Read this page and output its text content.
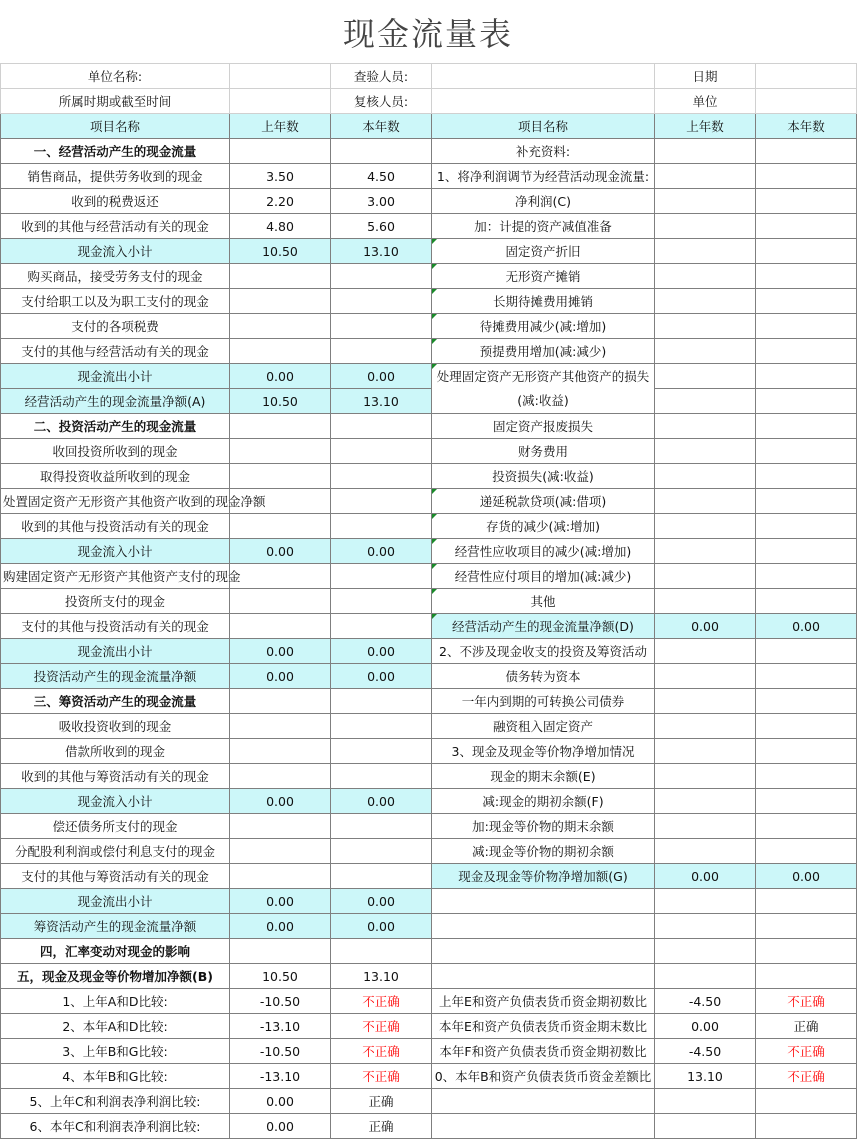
现金流量表
单位名称:		查验人员:		日期	
所属时期或截至时间		复核人员:		单位	
项目名称	上年数	本年数	项目名称	上年数	本年数
一、经营活动产生的现金流量			补充资料:		
销售商品，提供劳务收到的现金	3.50	4.50	1、将净利润调节为经营活动现金流量:		
收到的税费返还	2.20	3.00	净利润(C)		
收到的其他与经营活动有关的现金	4.80	5.60	加：计提的资产减值准备		
现金流入小计	10.50	13.10	固定资产折旧		
购买商品，接受劳务支付的现金			无形资产摊销		
支付给职工以及为职工支付的现金			长期待摊费用摊销		
支付的各项税费			待摊费用减少(减:增加)		
支付的其他与经营活动有关的现金			预提费用增加(减:减少)		
现金流出小计	0.00	0.00	处理固定资产无形资产其他资产的损失(减:收益)		
经营活动产生的现金流量净额(A)	10.50	13.10			
二、投资活动产生的现金流量			固定资产报废损失		
收回投资所收到的现金			财务费用		
取得投资收益所收到的现金			投资损失(减:收益)		
处置固定资产无形资产其他资产收到的现金净额			递延税款贷项(减:借项)		
收到的其他与投资活动有关的现金			存货的减少(减:增加)		
现金流入小计	0.00	0.00	经营性应收项目的减少(减:增加)		
购建固定资产无形资产其他资产支付的现金			经营性应付项目的增加(减:减少)		
投资所支付的现金			其他		
支付的其他与投资活动有关的现金			经营活动产生的现金流量净额(D)	0.00	0.00
现金流出小计	0.00	0.00	2、不涉及现金收支的投资及筹资活动		
投资活动产生的现金流量净额	0.00	0.00	债务转为资本		
三、筹资活动产生的现金流量			一年内到期的可转换公司债券		
吸收投资收到的现金			融资租入固定资产		
借款所收到的现金			3、现金及现金等价物净增加情况		
收到的其他与筹资活动有关的现金			现金的期末余额(E)		
现金流入小计	0.00	0.00	减:现金的期初余额(F)		
偿还债务所支付的现金			加:现金等价物的期末余额		
分配股利利润或偿付利息支付的现金			减:现金等价物的期初余额		
支付的其他与筹资活动有关的现金			现金及现金等价物净增加额(G)	0.00	0.00
现金流出小计	0.00	0.00			
筹资活动产生的现金流量净额	0.00	0.00			
四，汇率变动对现金的影响					
五，现金及现金等价物增加净额(B)	10.50	13.10			
1、上年A和D比较:	-10.50	不正确	上年E和资产负债表货币资金期初数比	-4.50	不正确
2、本年A和D比较:	-13.10	不正确	本年E和资产负债表货币资金期末数比	0.00	正确
3、上年B和G比较:	-10.50	不正确	本年F和资产负债表货币资金期初数比	-4.50	不正确
4、本年B和G比较:	-13.10	不正确	0、本年B和资产负债表货币资金差额比	13.10	不正确
5、上年C和利润表净利润比较:	0.00	正确			
6、本年C和利润表净利润比较:	0.00	正确			
